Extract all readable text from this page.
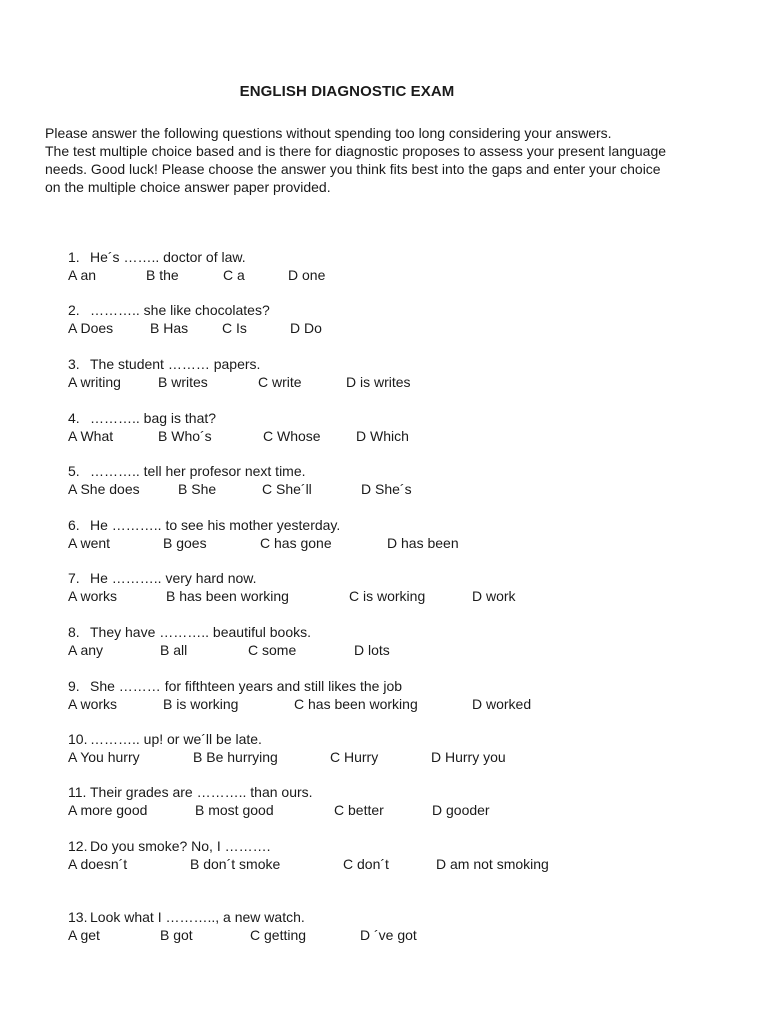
ENGLISH DIAGNOSTIC EXAM
Please answer the following questions without spending too long considering your answers.
The test multiple choice based and is there for diagnostic proposes to assess your present language
needs. Good luck! Please choose the answer you think fits best into the gaps and enter your choice
on the multiple choice answer paper provided.
1. He´s …….. doctor of law.
A an	B the	C a	D one
2. ……….. she like chocolates?
A Does	B Has C Is	D Do
3. The student ……… papers.
A writing	B writes	C write	D is writes
4. ……….. bag is that?
A What	B Who´s	C Whose	D Which
5. ……….. tell her profesor next time.
A She does	B She	C She´ll	D She´s
6. He ……….. to see his mother yesterday.
A went	B goes	C has gone	D has been
7. He ……….. very hard now.
A works	B has been working	C is working	D work
8. They have ……….. beautiful books.
A any	B all	C some	D lots
9. She ……… for fifthteen years and still likes the job
A works	B is working	C has been working	D worked
10. ……….. up! or we´ll be late.
A You hurry	B Be hurrying	C Hurry	D Hurry you
11. Their grades are ……….. than ours.
A more good	B most good	C better	D gooder
12. Do you smoke? No, I ……….
A doesn´t	B don´t smoke	C don´t	D am not smoking
13. Look what I ……….., a new watch.
A get	B got	C getting	D ´ve got
